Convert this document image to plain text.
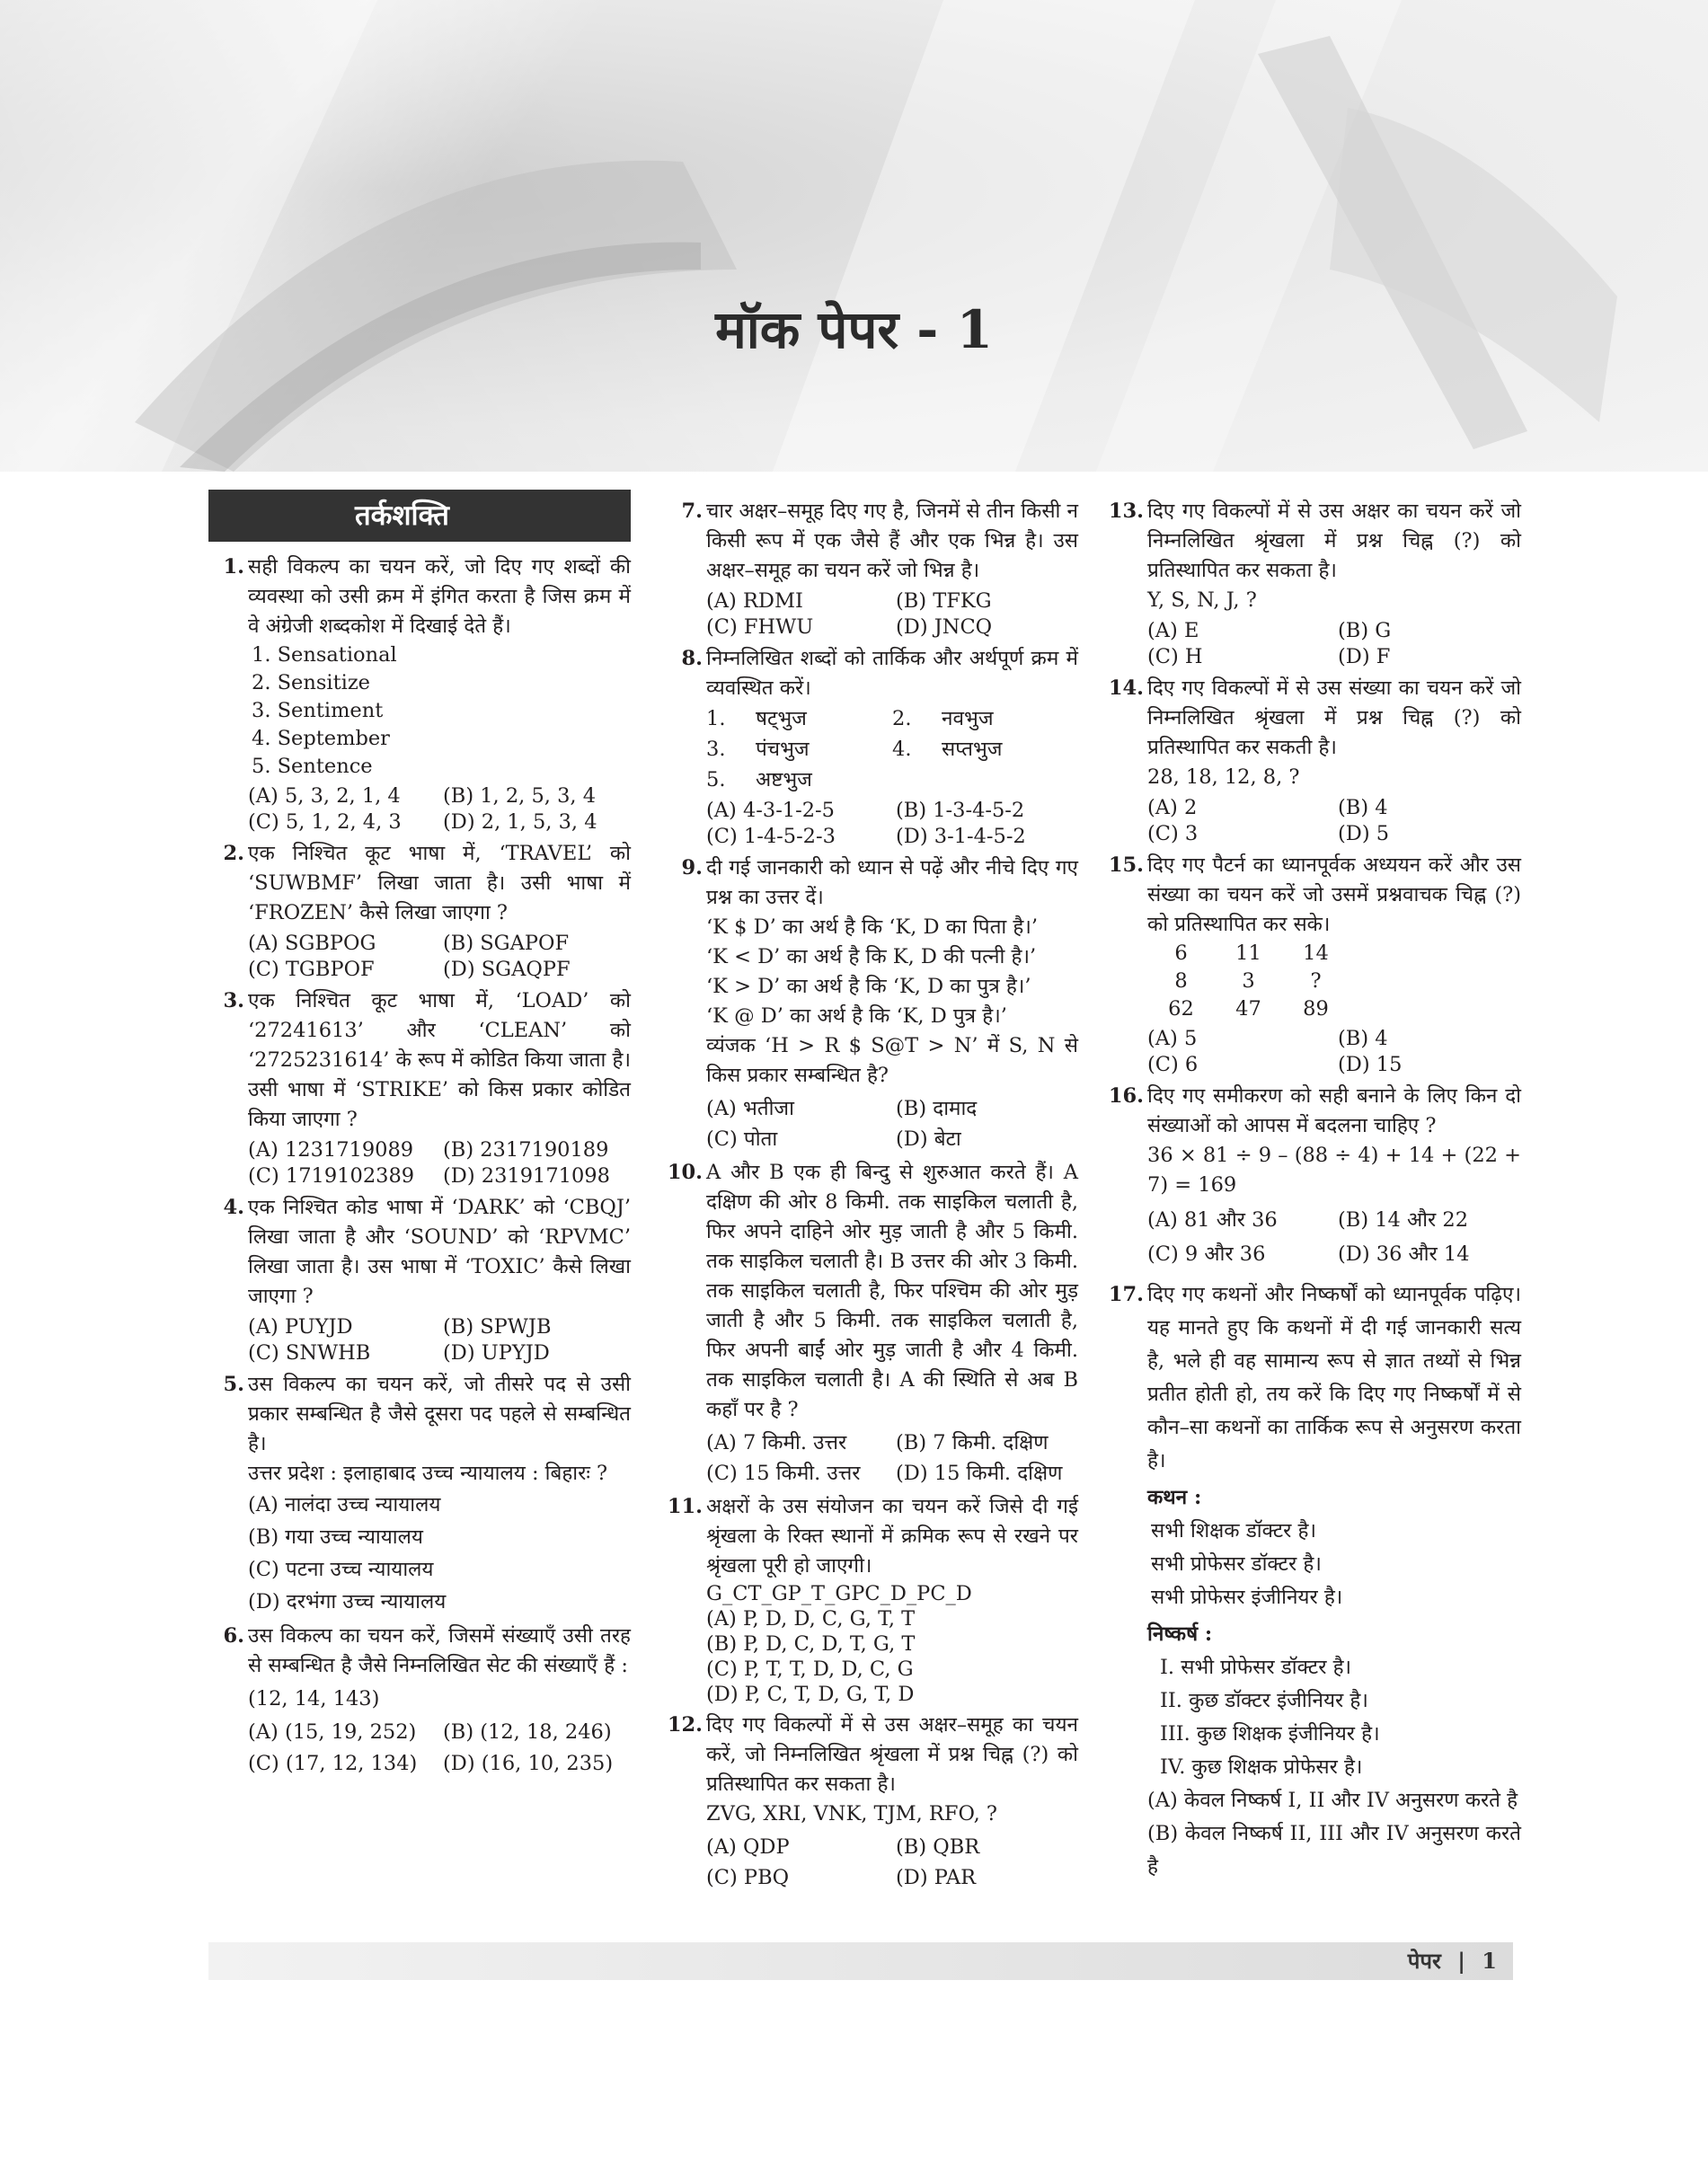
मॉक पेपर - 1
तर्कशक्ति
1. सही विकल्प का चयन करें, जो दिए गए शब्दों की व्यवस्था को उसी क्रम में इंगित करता है जिस क्रम में वे अंग्रेजी शब्दकोश में दिखाई देते हैं।

1. Sensational

2. Sensitize

3. Sentiment

4. September

5. Sentence

(A) 5, 3, 2, 1, 4	(B) 1, 2, 5, 3, 4
(C) 5, 1, 2, 4, 3	(D) 2, 1, 5, 3, 4
2. एक निश्चित कूट भाषा में, ‘TRAVEL’ को ‘SUWBMF’ लिखा जाता है। उसी भाषा में ‘FROZEN’ कैसे लिखा जाएगा ?

(A) SGBPOG	(B) SGAPOF
(C) TGBPOF	(D) SGAQPF
3. एक निश्चित कूट भाषा में, ‘LOAD’ को ‘27241613’ और ‘CLEAN’ को ‘2725231614’ के रूप में कोडित किया जाता है। उसी भाषा में ‘STRIKE’ को किस प्रकार कोडित किया जाएगा ?

(A) 1231719089	(B) 2317190189
(C) 1719102389	(D) 2319171098
4. एक निश्चित कोड भाषा में ‘DARK’ को ‘CBQJ’ लिखा जाता है और ‘SOUND’ को ‘RPVMC’ लिखा जाता है। उस भाषा में ‘TOXIC’ कैसे लिखा जाएगा ?

(A) PUYJD	(B) SPWJB
(C) SNWHB	(D) UPYJD
5. उस विकल्प का चयन करें, जो तीसरे पद से उसी प्रकार सम्बन्धित है जैसे दूसरा पद पहले से सम्बन्धित है।

उत्तर प्रदेश : इलाहाबाद उच्च न्यायालय : बिहारः ?

(A) नालंदा उच्च न्यायालय
(B) गया उच्च न्यायालय
(C) पटना उच्च न्यायालय
(D) दरभंगा उच्च न्यायालय
6. उस विकल्प का चयन करें, जिसमें संख्याएँ उसी तरह से सम्बन्धित है जैसे निम्नलिखित सेट की संख्याएँ हैं :

(12, 14, 143)

(A) (15, 19, 252)	(B) (12, 18, 246)
(C) (17, 12, 134)	(D) (16, 10, 235)
7. चार अक्षर–समूह दिए गए है, जिनमें से तीन किसी न किसी रूप में एक जैसे हैं और एक भिन्न है। उस अक्षर–समूह का चयन करें जो भिन्न है।

(A) RDMI	(B) TFKG
(C) FHWU	(D) JNCQ
8. निम्नलिखित शब्दों को तार्किक और अर्थपूर्ण क्रम में व्यवस्थित करें।

1.	षट्भुज	2.	नवभुज
3.	पंचभुज	4.	सप्तभुज
5.	अष्टभुज
(A) 4-3-1-2-5	(B) 1-3-4-5-2
(C) 1-4-5-2-3	(D) 3-1-4-5-2
9. दी गई जानकारी को ध्यान से पढ़ें और नीचे दिए गए प्रश्न का उत्तर दें।

‘K $ D’ का अर्थ है कि ‘K, D का पिता है।’

‘K < D’ का अर्थ है कि K, D की पत्नी है।’

‘K > D’ का अर्थ है कि ‘K, D का पुत्र है।’

‘K @ D’ का अर्थ है कि ‘K, D पुत्र है।’

व्यंजक ‘H > R $ S@T > N’ में S, N से किस प्रकार सम्बन्धित है?

(A) भतीजा	(B) दामाद
(C) पोता	(D) बेटा
10. A और B एक ही बिन्दु से शुरुआत करते हैं। A दक्षिण की ओर 8 किमी. तक साइकिल चलाती है, फिर अपने दाहिने ओर मुड़ जाती है और 5 किमी. तक साइकिल चलाती है। B उत्तर की ओर 3 किमी. तक साइकिल चलाती है, फिर पश्चिम की ओर मुड़ जाती है और 5 किमी. तक साइकिल चलाती है, फिर अपनी बाईं ओर मुड़ जाती है और 4 किमी. तक साइकिल चलाती है। A की स्थिति से अब B कहाँ पर है ?

(A) 7 किमी. उत्तर	(B) 7 किमी. दक्षिण
(C) 15 किमी. उत्तर	(D) 15 किमी. दक्षिण
11. अक्षरों के उस संयोजन का चयन करें जिसे दी गई श्रृंखला के रिक्त स्थानों में क्रमिक रूप से रखने पर श्रृंखला पूरी हो जाएगी।

G_CT_GP_T_GPC_D_PC_D

(A) P, D, D, C, G, T, T
(B) P, D, C, D, T, G, T
(C) P, T, T, D, D, C, G
(D) P, C, T, D, G, T, D
12. दिए गए विकल्पों में से उस अक्षर–समूह का चयन करें, जो निम्नलिखित श्रृंखला में प्रश्न चिह्न (?) को प्रतिस्थापित कर सकता है।

ZVG, XRI, VNK, TJM, RFO, ?

(A) QDP	(B) QBR
(C) PBQ	(D) PAR
13. दिए गए विकल्पों में से उस अक्षर का चयन करें जो निम्नलिखित श्रृंखला में प्रश्न चिह्न (?) को प्रतिस्थापित कर सकता है।

Y, S, N, J, ?

(A) E	(B) G
(C) H	(D) F
14. दिए गए विकल्पों में से उस संख्या का चयन करें जो निम्नलिखित श्रृंखला में प्रश्न चिह्न (?) को प्रतिस्थापित कर सकती है।

28, 18, 12, 8, ?

(A) 2	(B) 4
(C) 3	(D) 5
15. दिए गए पैटर्न का ध्यानपूर्वक अध्ययन करें और उस संख्या का चयन करें जो उसमें प्रश्नवाचक चिह्न (?) को प्रतिस्थापित कर सके।

6	11	14
8	3	?
62	47	89
(A) 5	(B) 4
(C) 6	(D) 15
16. दिए गए समीकरण को सही बनाने के लिए किन दो संख्याओं को आपस में बदलना चाहिए ?

36 × 81 ÷ 9 – (88 ÷ 4) + 14 + (22 + 7) = 169

(A) 81 और 36	(B) 14 और 22
(C) 9 और 36	(D) 36 और 14
17. दिए गए कथनों और निष्कर्षों को ध्यानपूर्वक पढ़िए। यह मानते हुए कि कथनों में दी गई जानकारी सत्य है, भले ही वह सामान्य रूप से ज्ञात तथ्यों से भिन्न प्रतीत होती हो, तय करें कि दिए गए निष्कर्षों में से कौन–सा कथनों का तार्किक रूप से अनुसरण करता है।

कथन :

सभी शिक्षक डॉक्टर है।

सभी प्रोफेसर डॉक्टर है।

सभी प्रोफेसर इंजीनियर है।

निष्कर्ष :

I. सभी प्रोफेसर डॉक्टर है।

II. कुछ डॉक्टर इंजीनियर है।

III. कुछ शिक्षक इंजीनियर है।

IV. कुछ शिक्षक प्रोफेसर है।

(A) केवल निष्कर्ष I, II और IV अनुसरण करते है
(B) केवल निष्कर्ष II, III और IV अनुसरण करते है
पेपर | 1
